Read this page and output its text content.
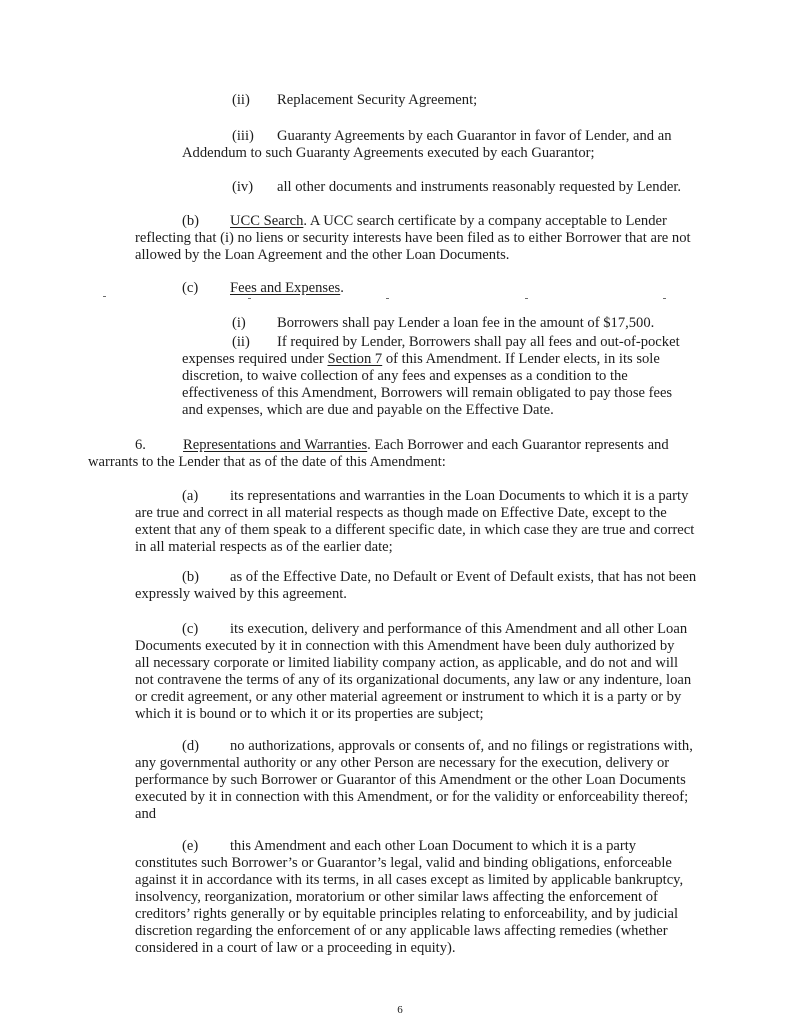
(ii) Replacement Security Agreement;

(iii) Guaranty Agreements by each Guarantor in favor of Lender, and an
Addendum to such Guaranty Agreements executed by each Guarantor;

(iv) all other documents and instruments reasonably requested by Lender.

(b) UCC Search. A UCC search certificate by a company acceptable to Lender
reflecting that (i) no liens or security interests have been filed as to either Borrower that are not
allowed by the Loan Agreement and the other Loan Documents.

(c) Fees and Expenses.

(i) Borrowers shall pay Lender a loan fee in the amount of $17,500.

(ii) If required by Lender, Borrowers shall pay all fees and out-of-pocket
expenses required under Section 7 of this Amendment. If Lender elects, in its sole
discretion, to waive collection of any fees and expenses as a condition to the
effectiveness of this Amendment, Borrowers will remain obligated to pay those fees
and expenses, which are due and payable on the Effective Date.

6.	Representations and Warranties. Each Borrower and each Guarantor represents and
warrants to the Lender that as of the date of this Amendment:

(a) its representations and warranties in the Loan Documents to which it is a party
are true and correct in all material respects as though made on Effective Date, except to the
extent that any of them speak to a different specific date, in which case they are true and correct
in all material respects as of the earlier date;

(b) as of the Effective Date, no Default or Event of Default exists, that has not been
expressly waived by this agreement.

(c) its execution, delivery and performance of this Amendment and all other Loan
Documents executed by it in connection with this Amendment have been duly authorized by
all necessary corporate or limited liability company action, as applicable, and do not and will
not contravene the terms of any of its organizational documents, any law or any indenture, loan
or credit agreement, or any other material agreement or instrument to which it is a party or by
which it is bound or to which it or its properties are subject;

(d) no authorizations, approvals or consents of, and no filings or registrations with,
any governmental authority or any other Person are necessary for the execution, delivery or
performance by such Borrower or Guarantor of this Amendment or the other Loan Documents
executed by it in connection with this Amendment, or for the validity or enforceability thereof;
and

(e) this Amendment and each other Loan Document to which it is a party
constitutes such Borrower’s or Guarantor’s legal, valid and binding obligations, enforceable
against it in accordance with its terms, in all cases except as limited by applicable bankruptcy,
insolvency, reorganization, moratorium or other similar laws affecting the enforcement of
creditors’ rights generally or by equitable principles relating to enforceability, and by judicial
discretion regarding the enforcement of or any applicable laws affecting remedies (whether
considered in a court of law or a proceeding in equity).

6
